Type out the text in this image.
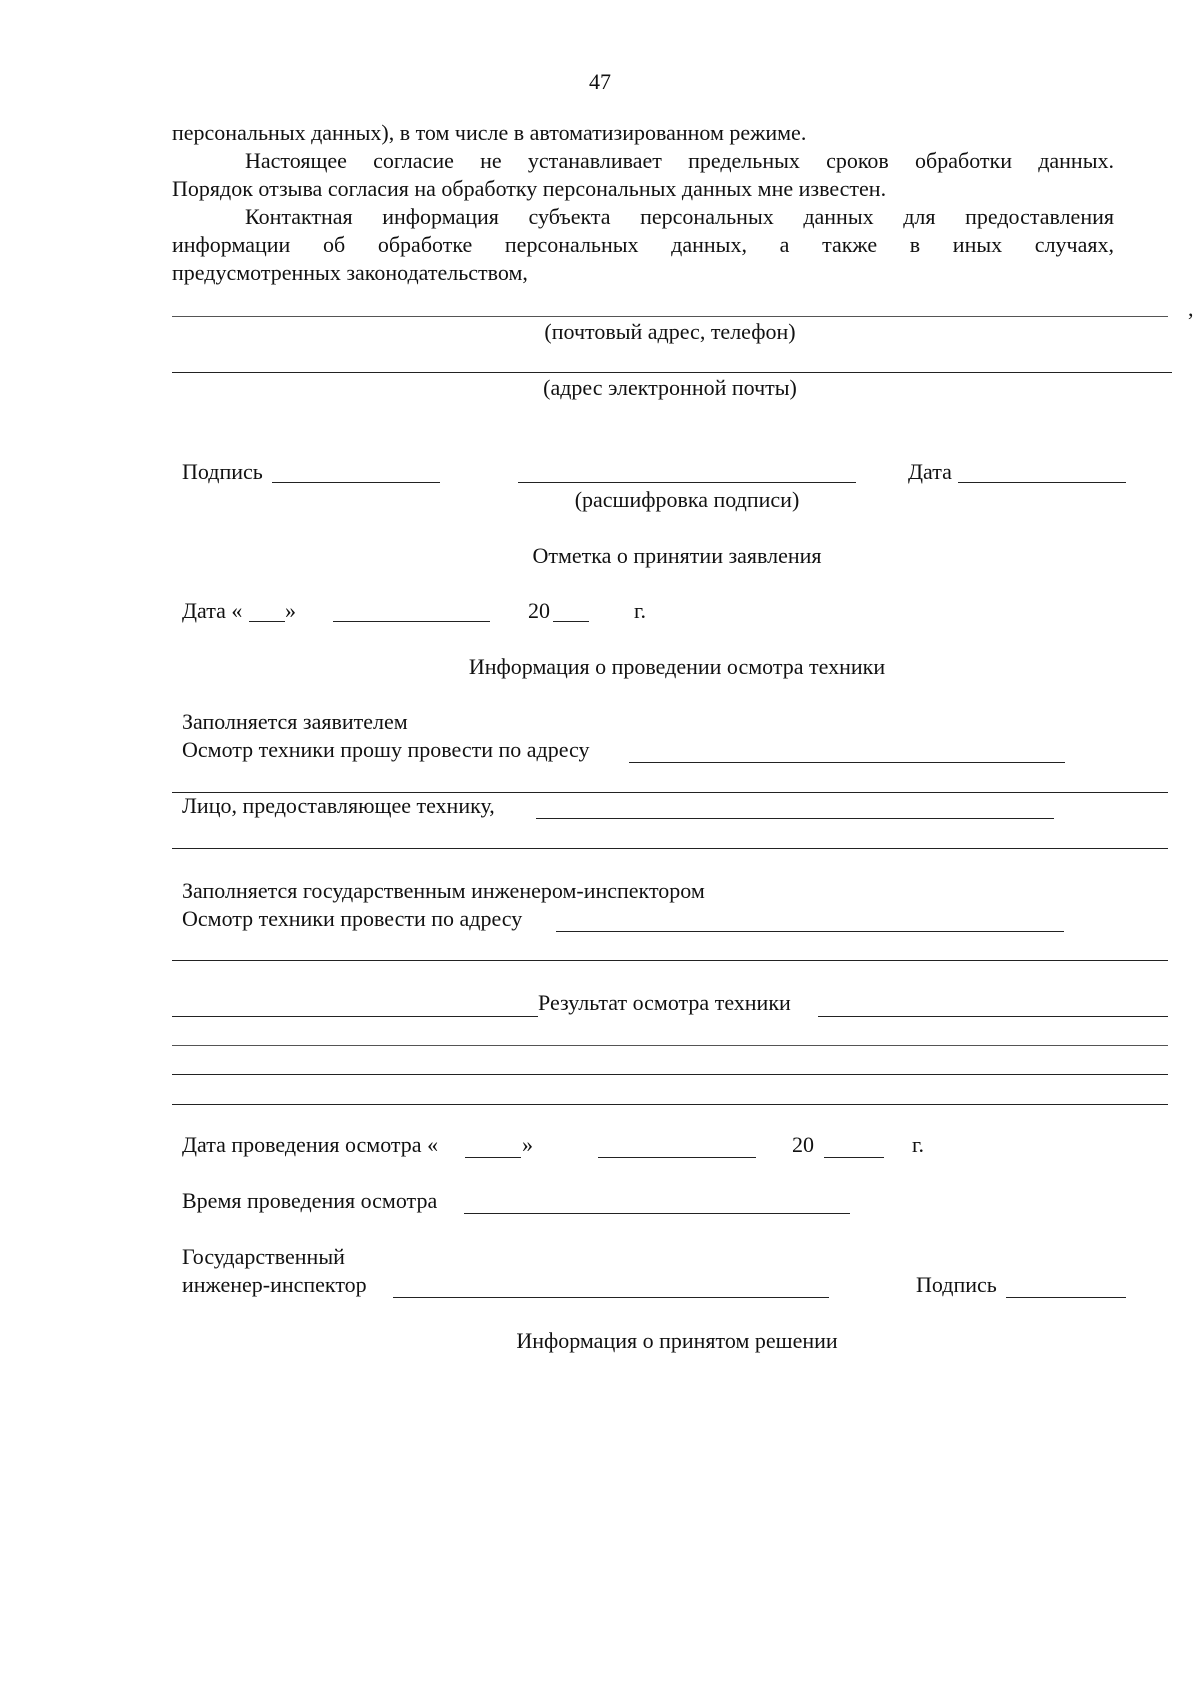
47
персональных данных), в том числе в автоматизированном режиме.
Настоящее согласие не устанавливает предельных сроков обработки данных.
Порядок отзыва согласия на обработку персональных данных мне известен.
Контактная информация субъекта персональных данных для предоставления
информации об обработке персональных данных, а также в иных случаях,
предусмотренных законодательством,
,
(почтовый адрес, телефон)
(адрес электронной почты)
Подпись	Дата
(расшифровка подписи)
Отметка о принятии заявления
Дата « »	20	г.
Информация о проведении осмотра техники
Заполняется заявителем
Осмотр техники прошу провести по адресу
Лицо, предоставляющее технику,
Заполняется государственным инженером-инспектором
Осмотр техники провести по адресу
Результат осмотра техники
Дата проведения осмотра «	»	20	г.
Время проведения осмотра
Государственный
инженер-инспектор	Подпись
Информация о принятом решении
